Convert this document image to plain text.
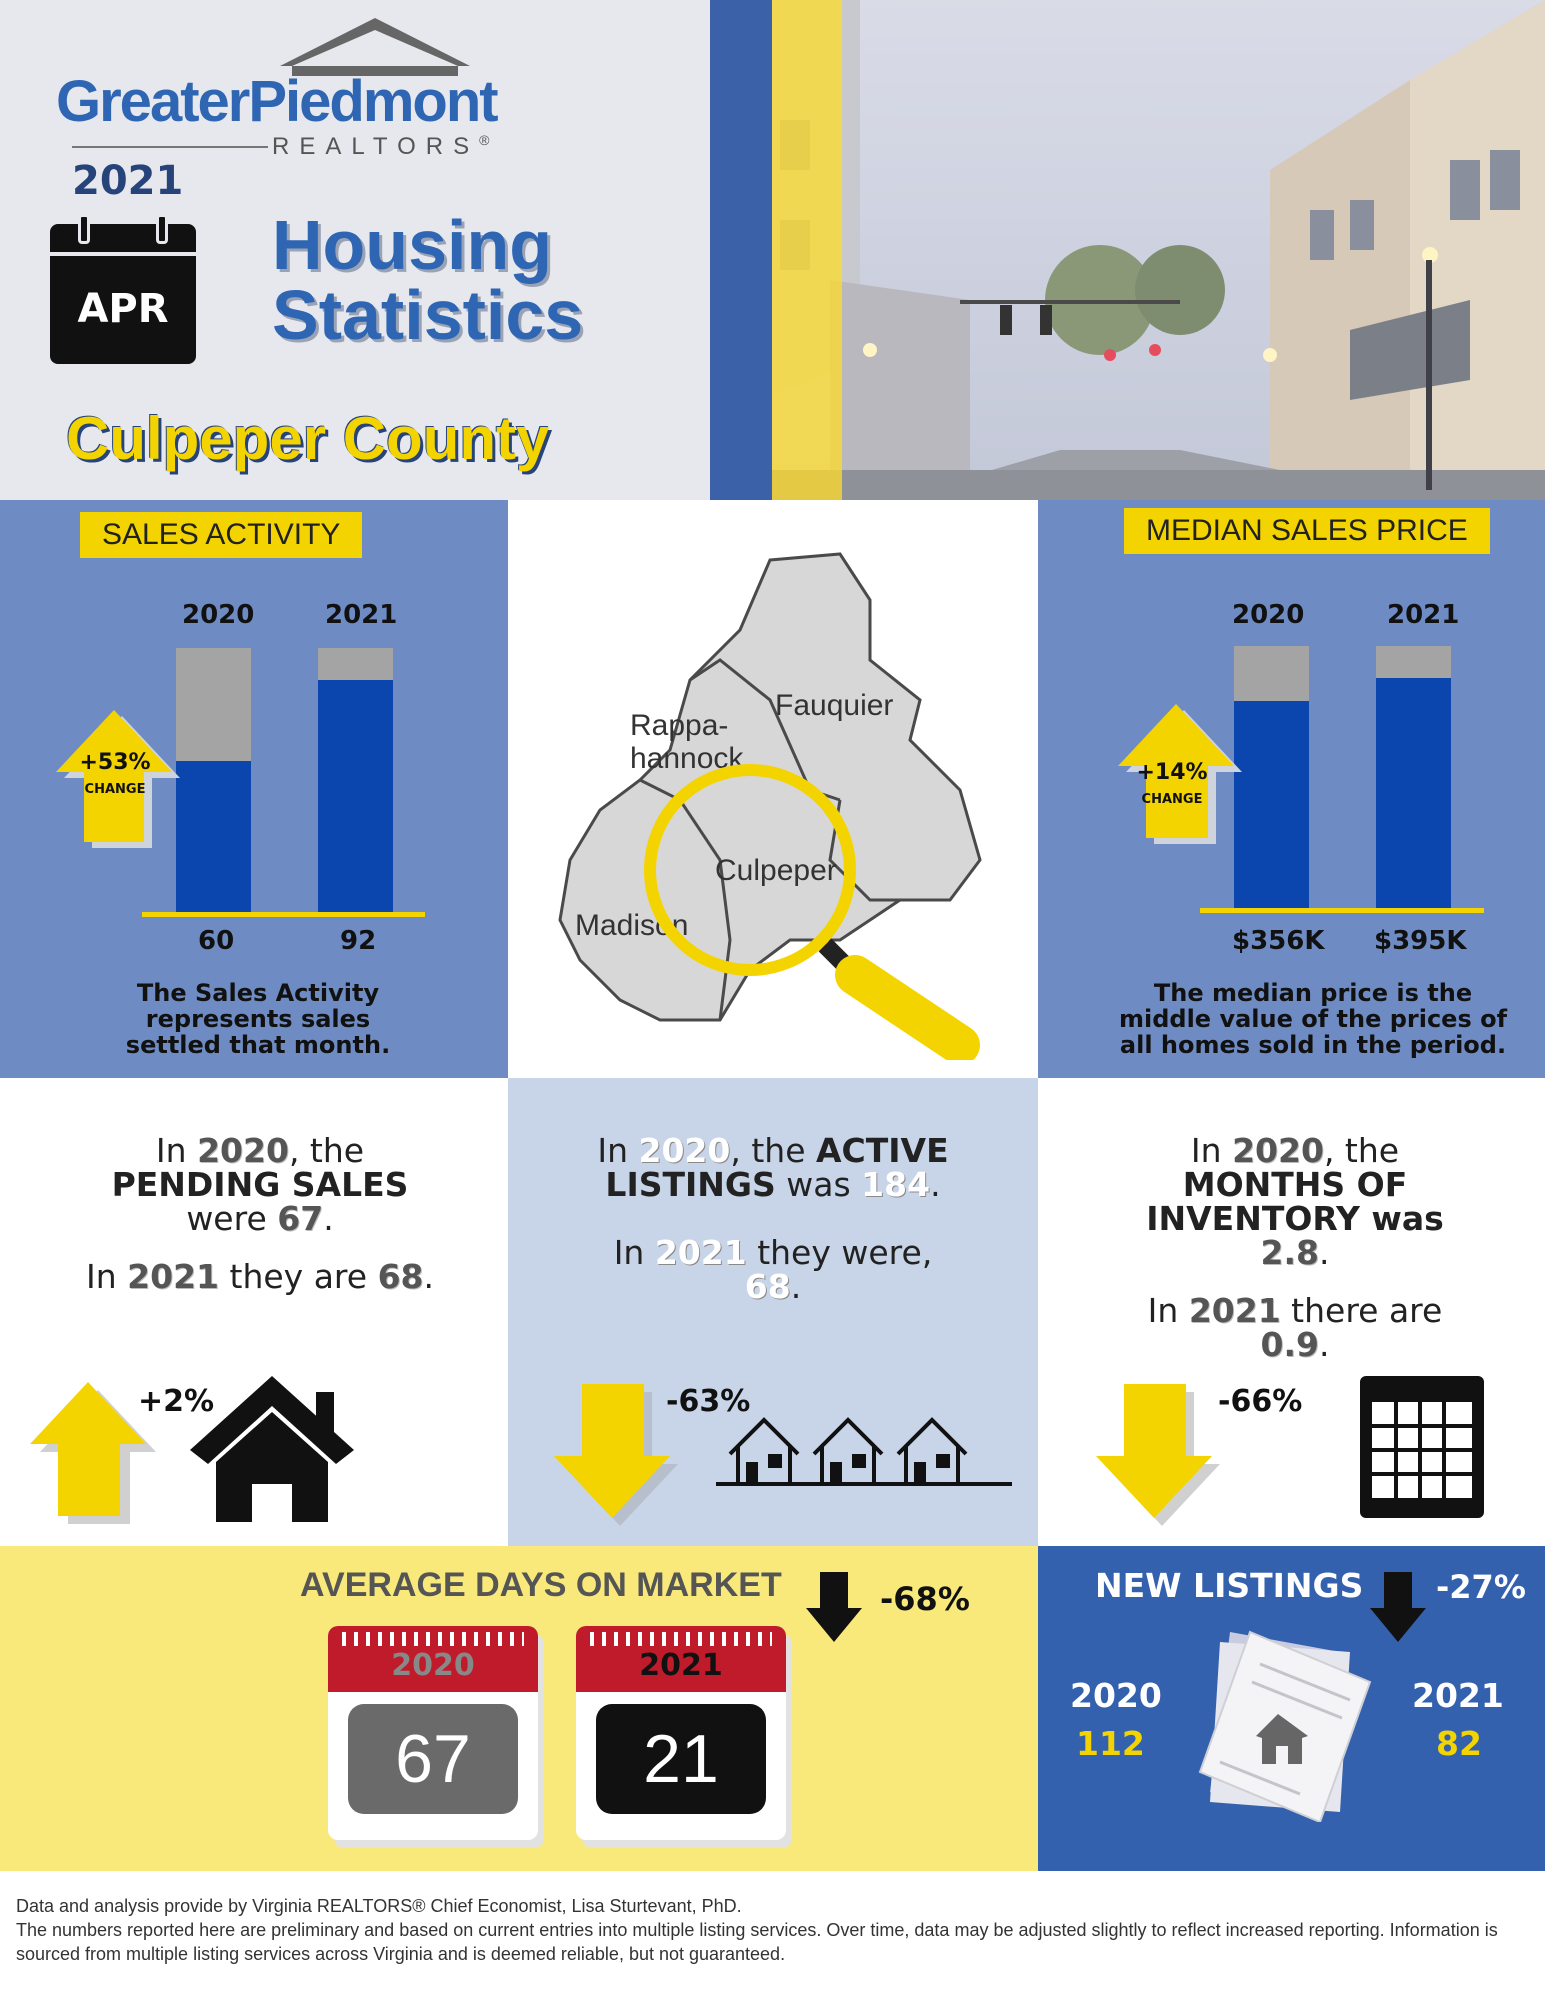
GreaterPiedmont
REALTORS®
2021
APR
Housing
Statistics
Culpeper County
SALES ACTIVITY
2020	2021
60	92
+53%
CHANGE
The Sales Activity represents sales settled that month.
Fauquier
Rappa-
hannock
Culpeper
Madison
MEDIAN SALES PRICE
2020	2021
$356K $395K
+14%
CHANGE
The median price is the middle value of the prices of all homes sold in the period.
In 2020, the
PENDING SALES
were 67.
In 2021 they are 68.
+2%
In 2020, the ACTIVE
LISTINGS was 184.
In 2021 they were,
68.
-63%
In 2020, the
MONTHS OF
INVENTORY was
2.8.
In 2021 there are
0.9.
-66%
AVERAGE DAYS ON MARKET	-68%
2020
67
2021
21
NEW LISTINGS -27%
2020
112
2021
82
Data and analysis provide by Virginia REALTORS® Chief Economist, Lisa Sturtevant, PhD.
The numbers reported here are preliminary and based on current entries into multiple listing services. Over time, data may be adjusted slightly to reflect increased reporting. Information is sourced from multiple listing services across Virginia and is deemed reliable, but not guaranteed.
